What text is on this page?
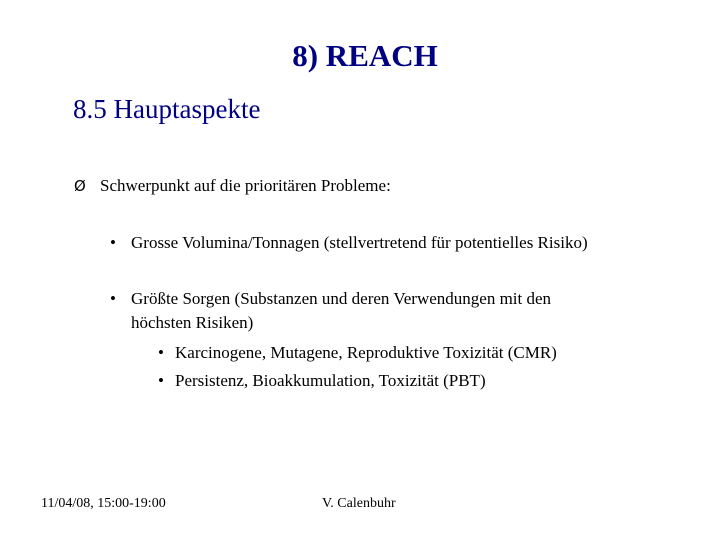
8) REACH
8.5 Hauptaspekte
Ø Schwerpunkt auf die prioritären Probleme:
• Grosse Volumina/Tonnagen (stellvertretend für potentielles Risiko)
• Größte Sorgen (Substanzen und deren Verwendungen mit den
höchsten Risiken)
• Karcinogene, Mutagene, Reproduktive Toxizität (CMR)
• Persistenz, Bioakkumulation, Toxizität (PBT)
11/04/08, 15:00-19:00	V. Calenbuhr
